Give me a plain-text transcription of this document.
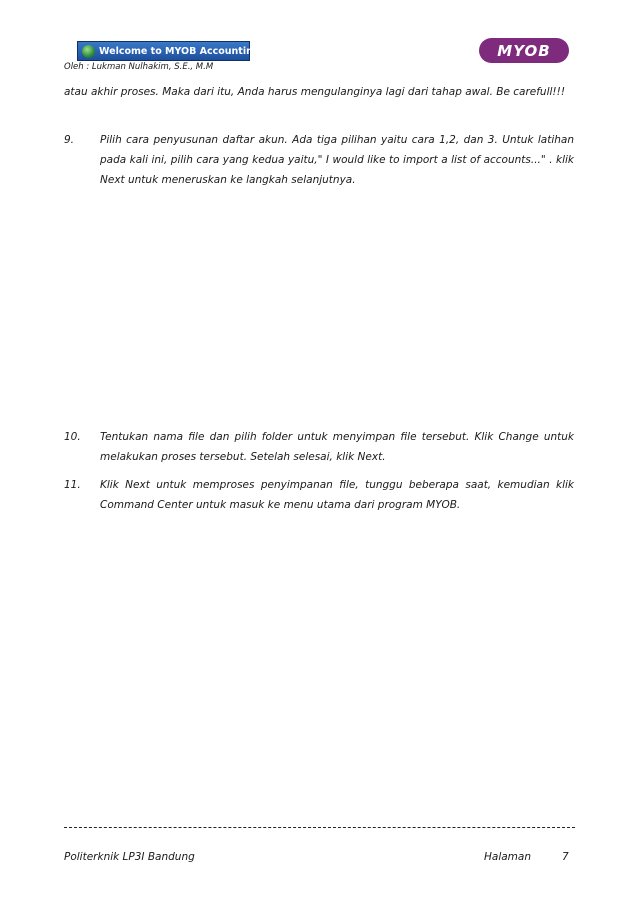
Welcome to MYOB Accounting	MYOB
Oleh : Lukman Nulhakim, S.E., M.M

atau akhir proses. Maka dari itu, Anda harus mengulanginya lagi dari tahap awal. Be carefull!!!

9.	Pilih cara penyusunan daftar akun. Ada tiga pilihan yaitu cara 1,2, dan 3. Untuk latihan pada kali ini, pilih cara yang kedua yaitu," I would like to import a list of accounts..." . klik Next untuk meneruskan ke langkah selanjutnya.
10.	Tentukan nama file dan pilih folder untuk menyimpan file tersebut. Klik Change untuk melakukan proses tersebut. Setelah selesai, klik Next.
11.	Klik Next untuk memproses penyimpanan file, tunggu beberapa saat, kemudian klik Command Center untuk masuk ke menu utama dari program MYOB.
Politerknik LP3I Bandung	Halaman	7
